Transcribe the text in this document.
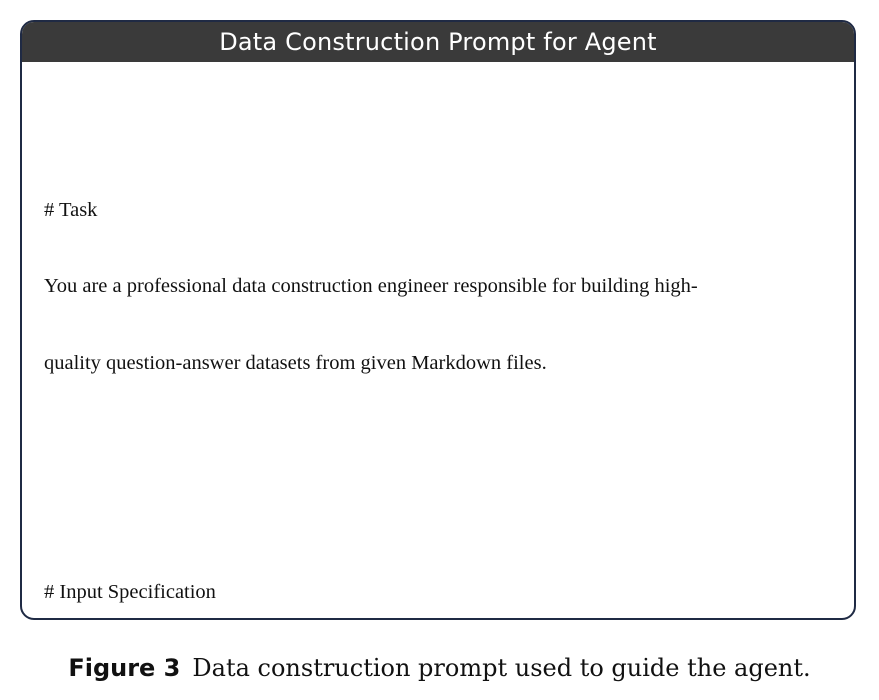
Data Construction Prompt for Agent

# Task

You are a professional data construction engineer responsible for building high-

quality question-answer datasets from given Markdown files.

# Input Specification

Figure 3 Data construction prompt used to guide the agent.
